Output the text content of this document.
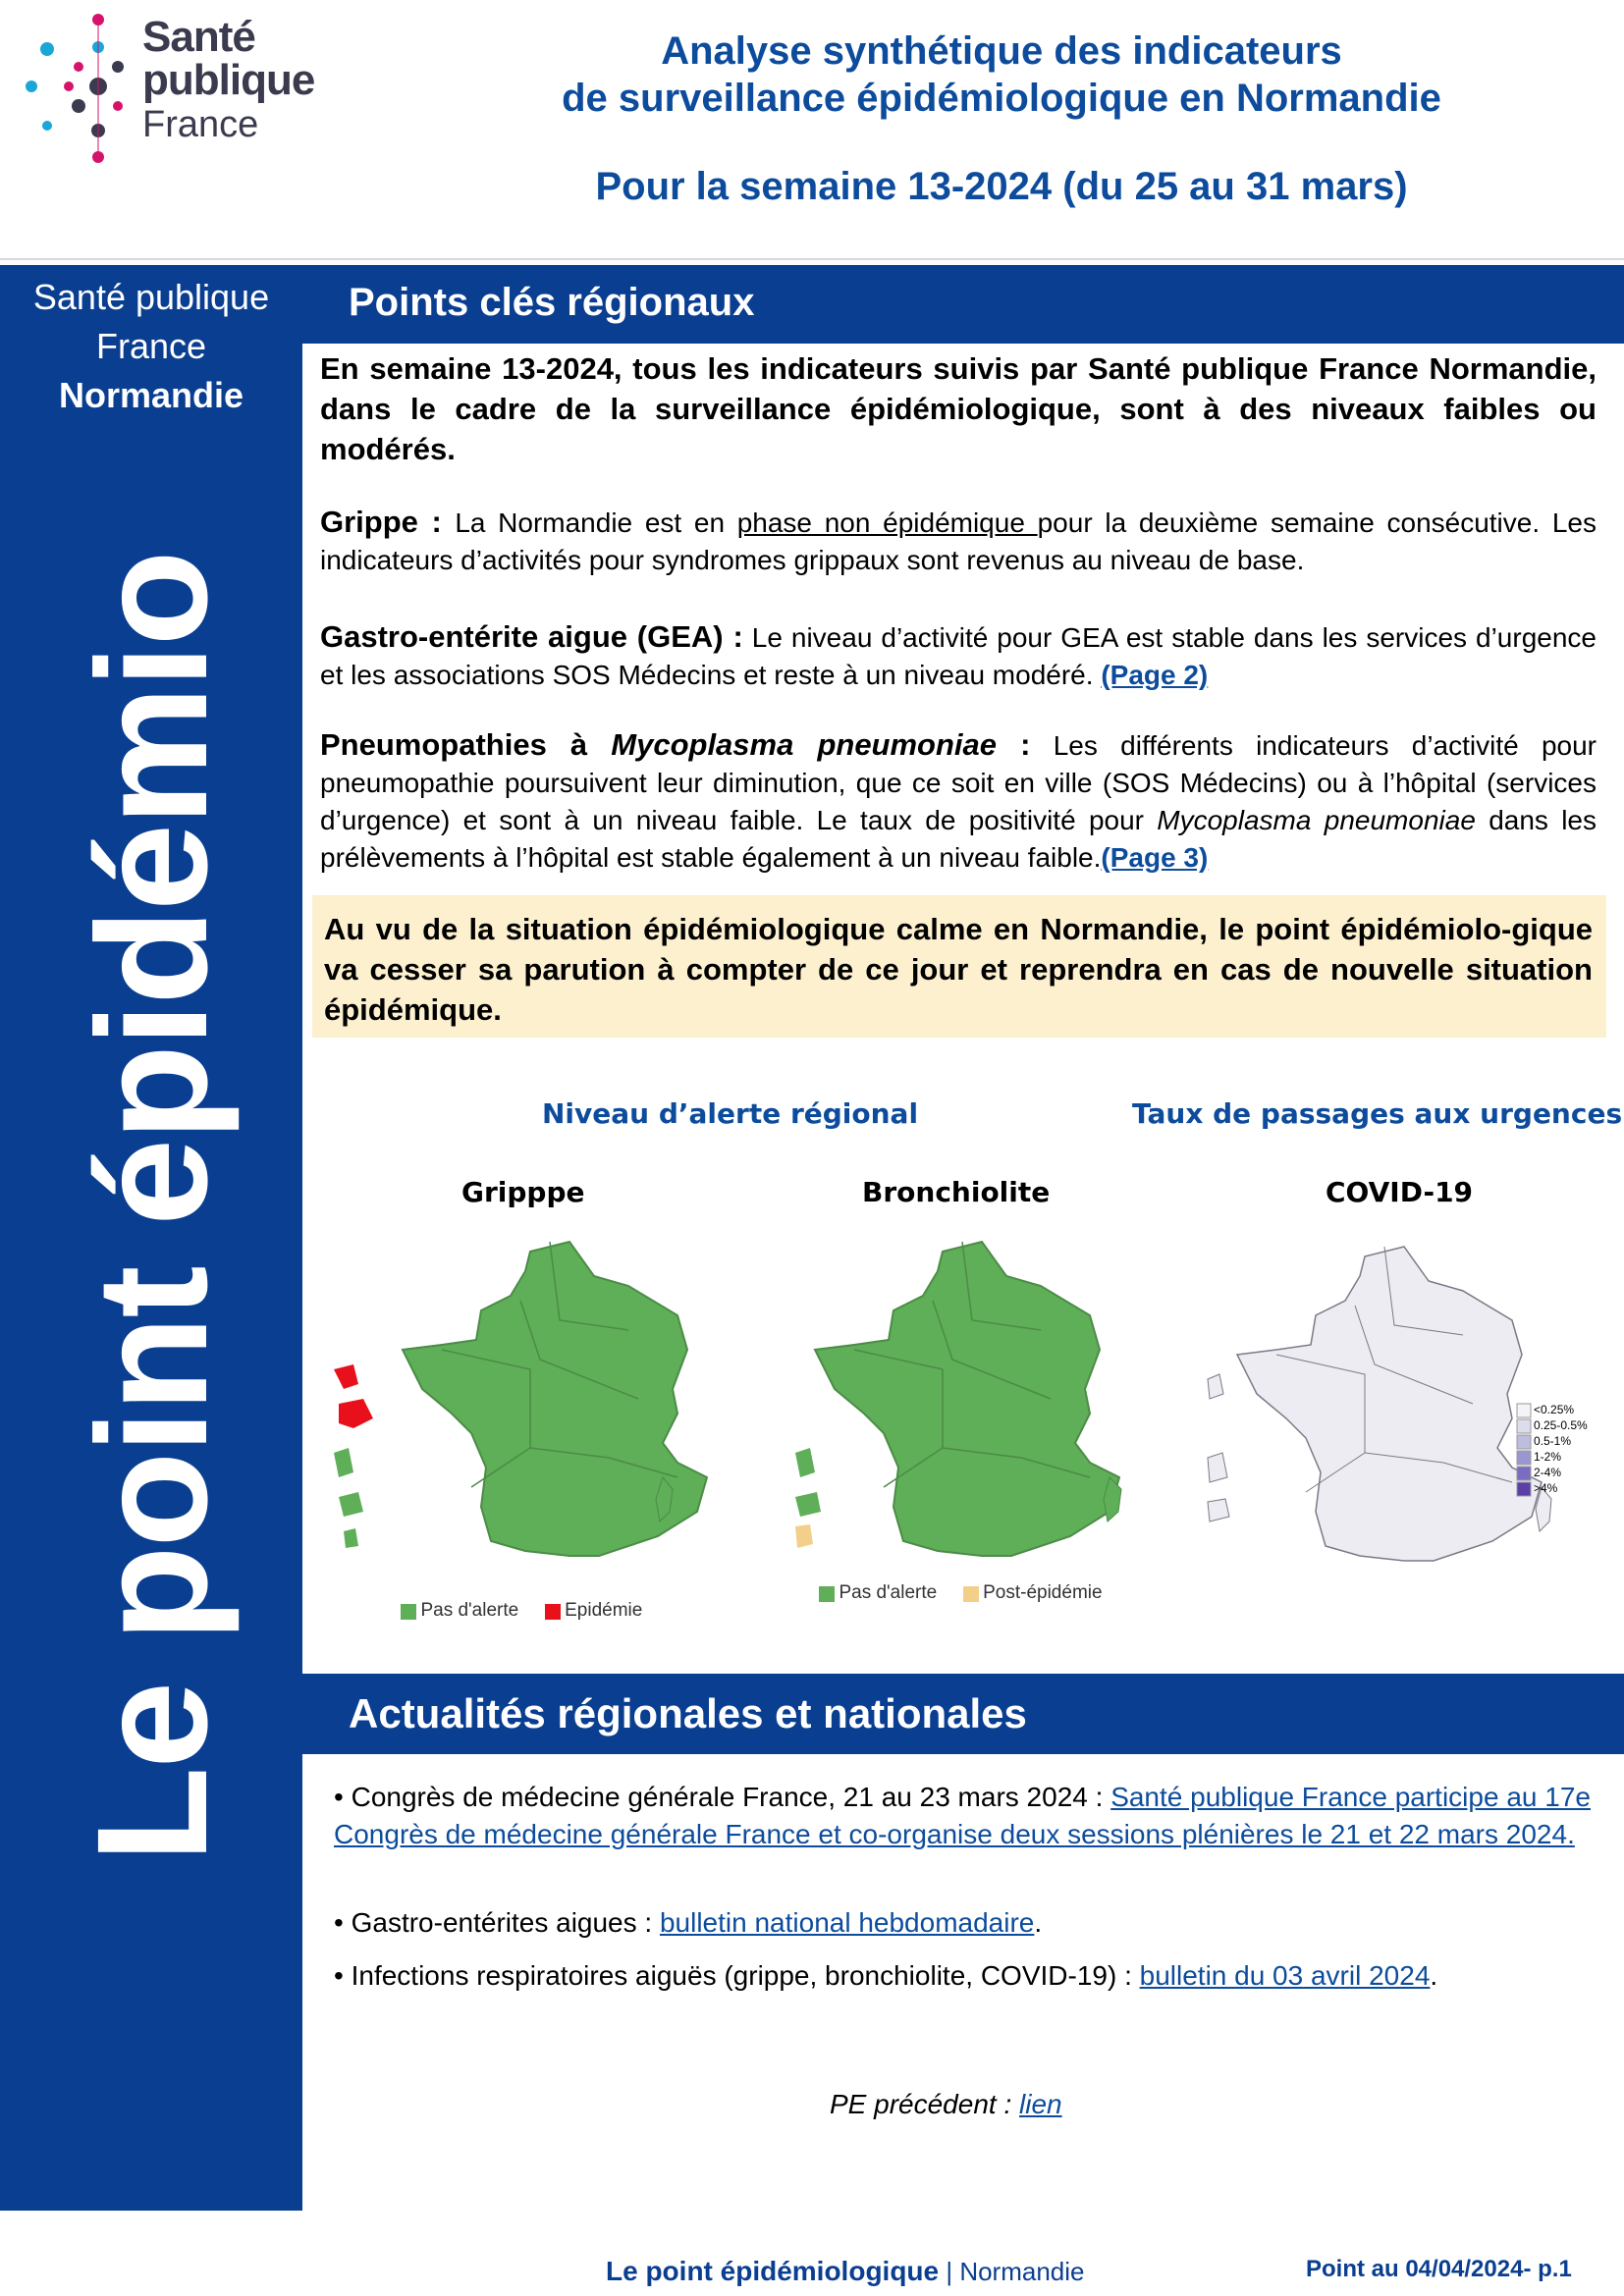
Santé
publique
France
Analyse synthétique des indicateurs
de surveillance épidémiologique en Normandie
Pour la semaine 13-2024 (du 25 au 31 mars)
Santé publique
France
Normandie
Le point épidémio
Points clés régionaux
En semaine 13-2024, tous les indicateurs suivis par Santé publique France Normandie, dans le cadre de la surveillance épidémiologique, sont à des niveaux faibles ou modérés.
Grippe : La Normandie est en phase non épidémique pour la deuxième semaine consécutive. Les indicateurs d’activités pour syndromes grippaux sont revenus au niveau de base.
Gastro-entérite aigue (GEA) : Le niveau d’activité pour GEA est stable dans les services d’urgence et les associations SOS Médecins et reste à un niveau modéré. (Page 2)
Pneumopathies à Mycoplasma pneumoniae : Les différents indicateurs d’activité pour pneumopathie poursuivent leur diminution, que ce soit en ville (SOS Médecins) ou à l’hôpital (services d’urgence) et sont à un niveau faible. Le taux de positivité pour Mycoplasma pneumoniae dans les prélèvements à l’hôpital est stable également à un niveau faible.(Page 3)
Au vu de la situation épidémiologique calme en Normandie, le point épidémiolo-gique va cesser sa parution à compter de ce jour et reprendra en cas de nouvelle situation épidémique.
Niveau d’alerte régional	Taux de passages aux urgences
Gripppe	Bronchiolite	COVID-19
Pas d'alerte Epidémie
Pas d'alerte Post-épidémie
<0.25%
0.25-0.5%
0.5-1%
1-2%
2-4%
>4%
Actualités régionales et nationales
• Congrès de médecine générale France, 21 au 23 mars 2024 : Santé publique France participe au 17e Congrès de médecine générale France et co-organise deux sessions plénières le 21 et 22 mars 2024.
• Gastro-entérites aigues : bulletin national hebdomadaire.
• Infections respiratoires aiguës (grippe, bronchiolite, COVID-19) : bulletin du 03 avril 2024.
PE précédent : lien
Le point épidémiologique | Normandie	Point au 04/04/2024- p.1
